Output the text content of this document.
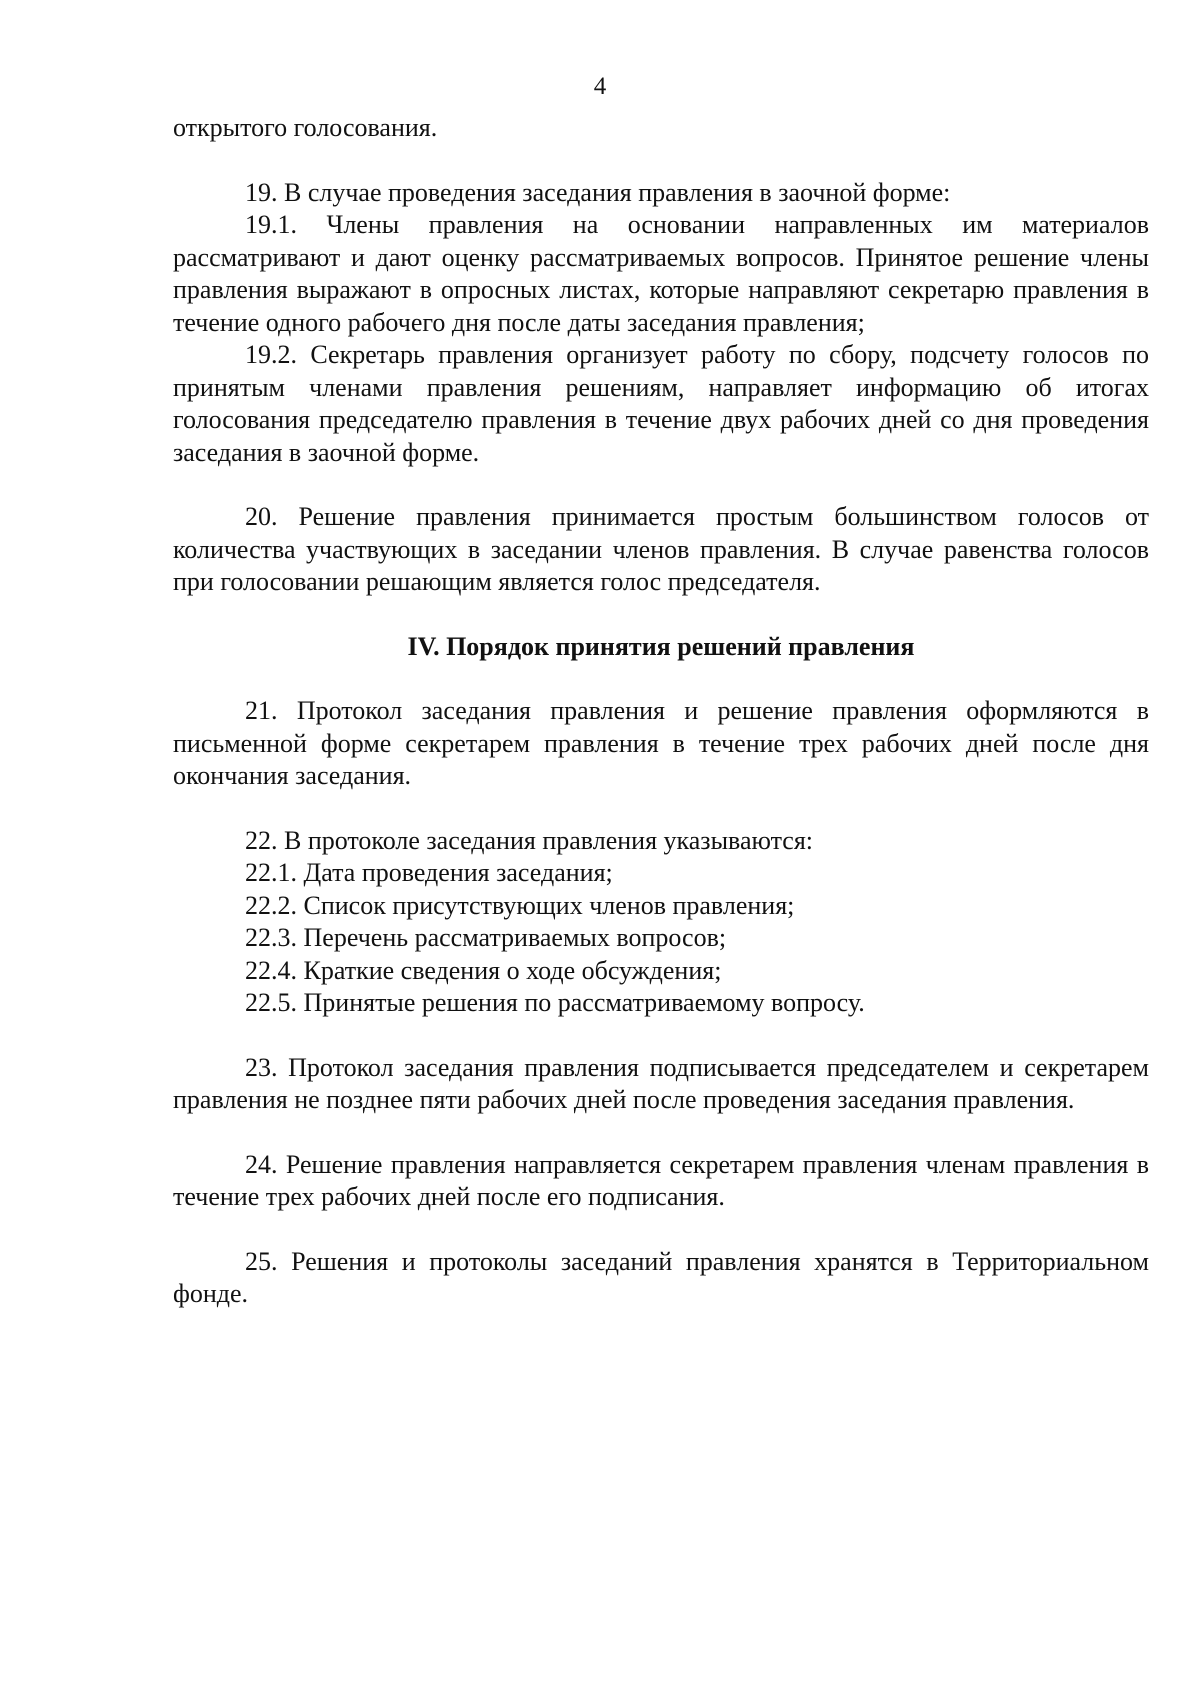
4

открытого голосования.

19. В случае проведения заседания правления в заочной форме:

19.1. Члены правления на основании направленных им материалов рассматривают и дают оценку рассматриваемых вопросов. Принятое решение члены правления выражают в опросных листах, которые направляют секретарю правления в течение одного рабочего дня после даты заседания правления;

19.2. Секретарь правления организует работу по сбору, подсчету голосов по принятым членами правления решениям, направляет информацию об итогах голосования председателю правления в течение двух рабочих дней со дня проведения заседания в заочной форме.

20. Решение правления принимается простым большинством голосов от количества участвующих в заседании членов правления. В случае равенства голосов при голосовании решающим является голос председателя.

IV. Порядок принятия решений правления

21. Протокол заседания правления и решение правления оформляются в письменной форме секретарем правления в течение трех рабочих дней после дня окончания заседания.

22. В протоколе заседания правления указываются:

22.1. Дата проведения заседания;

22.2. Список присутствующих членов правления;

22.3. Перечень рассматриваемых вопросов;

22.4. Краткие сведения о ходе обсуждения;

22.5. Принятые решения по рассматриваемому вопросу.

23. Протокол заседания правления подписывается председателем и секретарем правления не позднее пяти рабочих дней после проведения заседания правления.

24. Решение правления направляется секретарем правления членам правления в течение трех рабочих дней после его подписания.

25. Решения и протоколы заседаний правления хранятся в Территориальном фонде.
